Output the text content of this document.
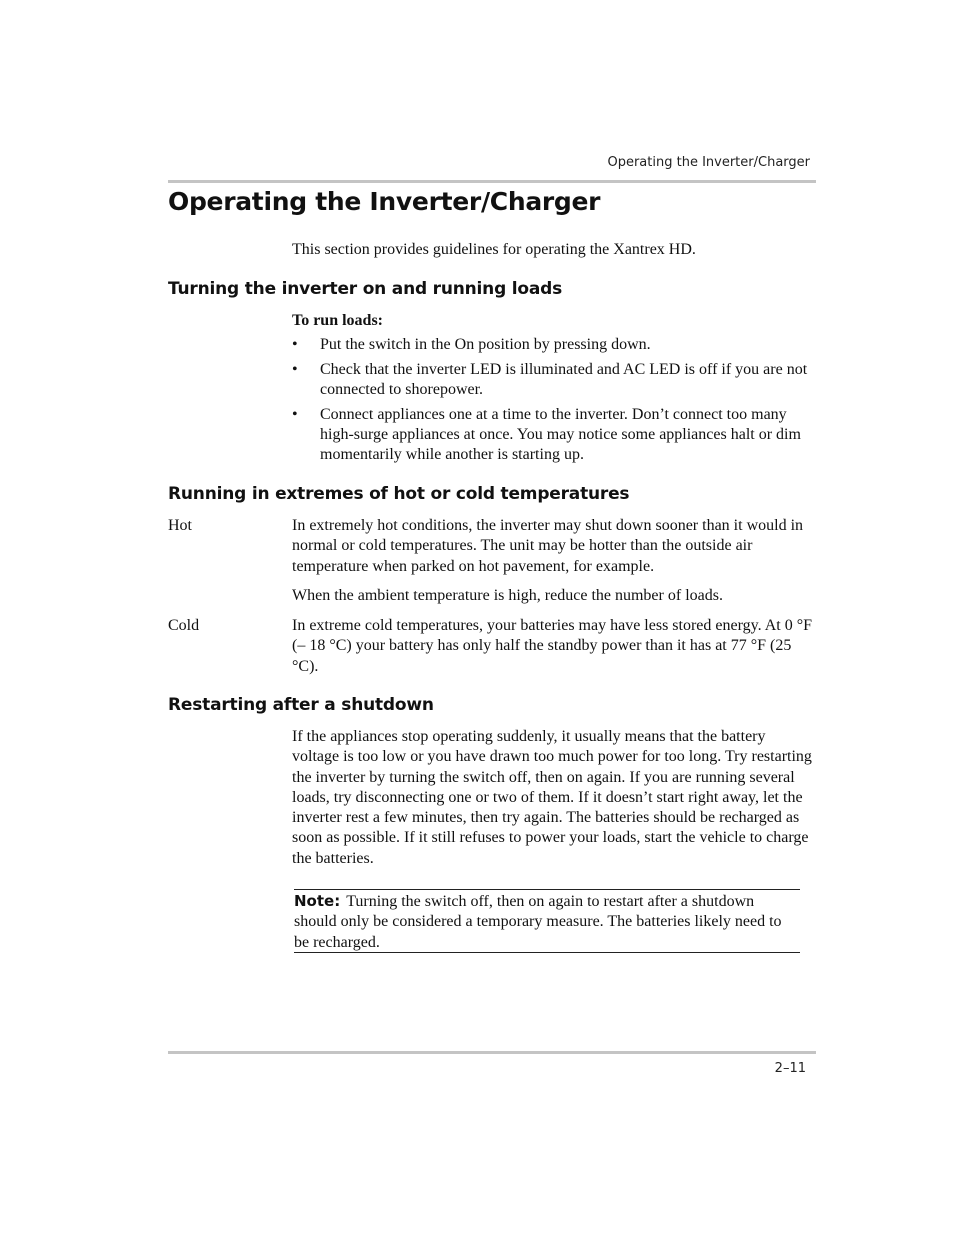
Operating the Inverter/Charger
Operating the Inverter/Charger

This section provides guidelines for operating the Xantrex HD.

Turning the inverter on and running loads

To run loads:

• Put the switch in the On position by pressing down.
• Check that the inverter LED is illuminated and AC LED is off if you are not connected to shorepower.
• Connect appliances one at a time to the inverter. Don’t connect too many high-surge appliances at once. You may notice some appliances halt or dim momentarily while another is starting up.
Running in extremes of hot or cold temperatures

Hot	In extremely hot conditions, the inverter may shut down sooner than it would in normal or cold temperatures. The unit may be hotter than the outside air temperature when parked on hot pavement, for example.

When the ambient temperature is high, reduce the number of loads.

Cold	In extreme cold temperatures, your batteries may have less stored energy. At 0 °F (– 18 °C) your battery has only half the standby power than it has at 77 °F (25 °C).

Restarting after a shutdown

If the appliances stop operating suddenly, it usually means that the battery voltage is too low or you have drawn too much power for too long. Try restarting the inverter by turning the switch off, then on again. If you are running several loads, try disconnecting one or two of them. If it doesn’t start right away, let the inverter rest a few minutes, then try again. The batteries should be recharged as soon as possible. If it still refuses to power your loads, start the vehicle to charge the batteries.

Note: Turning the switch off, then on again to restart after a shutdown should only be considered a temporary measure. The batteries likely need to be recharged.

2–11
